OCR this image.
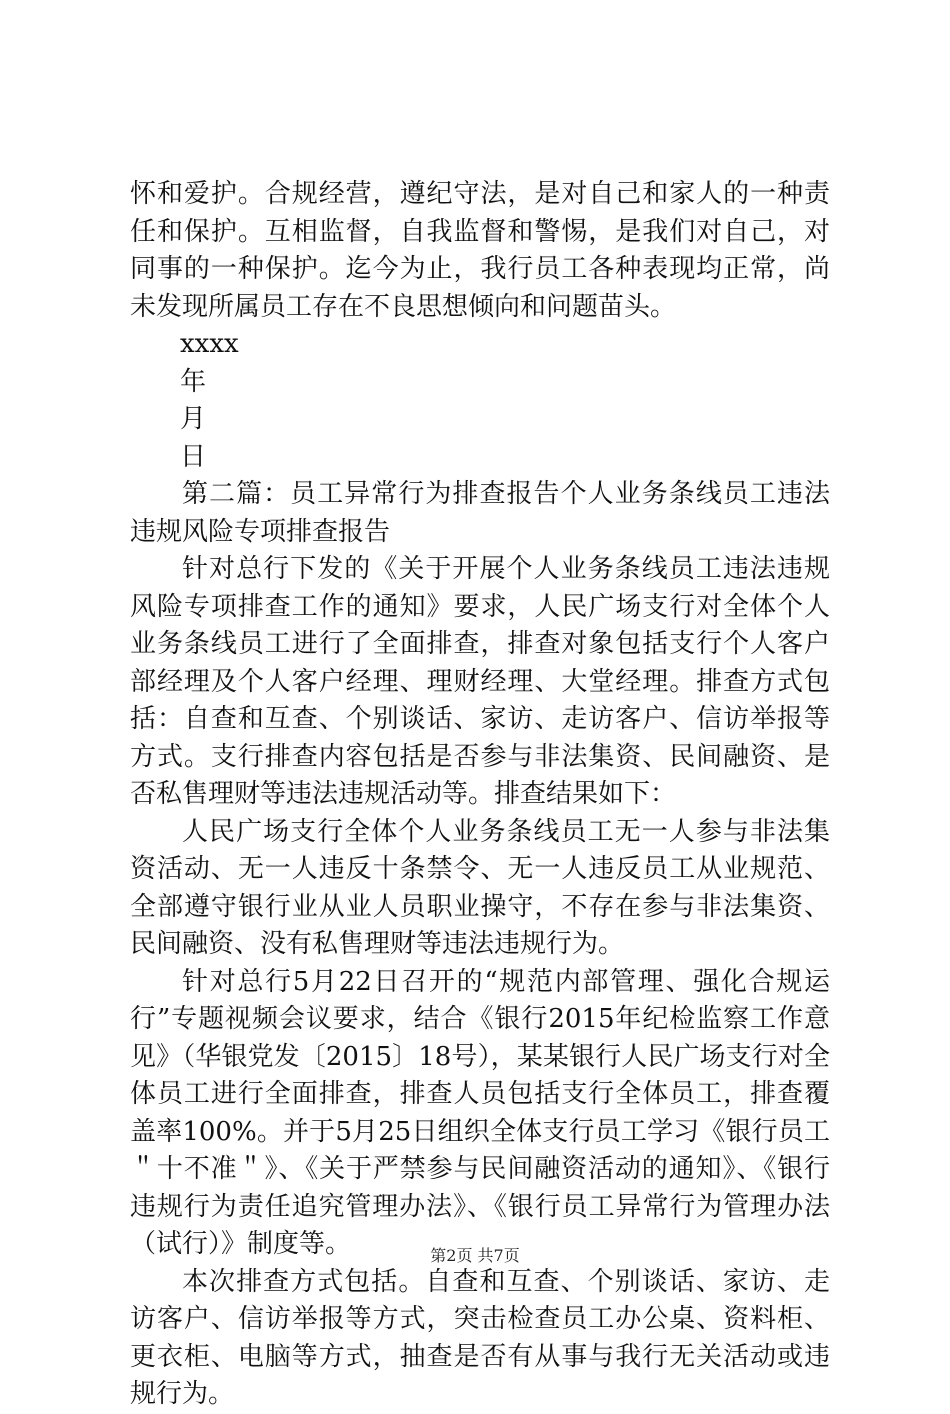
怀和爱护。合规经营，遵纪守法，是对自己和家人的一种责任和保护。互相监督，自我监督和警惕，是我们对自己，对同事的一种保护。迄今为止，我行员工各种表现均正常，尚未发现所属员工存在不良思想倾向和问题苗头。

xxxx
年
月
日

第二篇：员工异常行为排查报告个人业务条线员工违法违规风险专项排查报告

针对总行下发的《关于开展个人业务条线员工违法违规风险专项排查工作的通知》要求，人民广场支行对全体个人业务条线员工进行了全面排查，排查对象包括支行个人客户部经理及个人客户经理、理财经理、大堂经理。排查方式包括：自查和互查、个别谈话、家访、走访客户、信访举报等方式。支行排查内容包括是否参与非法集资、民间融资、是否私售理财等违法违规活动等。排查结果如下：

人民广场支行全体个人业务条线员工无一人参与非法集资活动、无一人违反十条禁令、无一人违反员工从业规范、全部遵守银行业从业人员职业操守，不存在参与非法集资、民间融资、没有私售理财等违法违规行为。

针对总行5月22日召开的“规范内部管理、强化合规运行”专题视频会议要求，结合《银行2015年纪检监察工作意见》（华银党发〔2015〕18号），某某银行人民广场支行对全体员工进行全面排查，排查人员包括支行全体员工，排查覆盖率100%。并于5月25日组织全体支行员工学习《银行员工＂十不准＂》、《关于严禁参与民间融资活动的通知》、《银行违规行为责任追究管理办法》、《银行员工异常行为管理办法（试行）》制度等。

本次排查方式包括。自查和互查、个别谈话、家访、走访客户、信访举报等方式，突击检查员工办公桌、资料柜、更衣柜、电脑等方式，抽查是否有从事与我行无关活动或违规行为。

第2页 共7页
